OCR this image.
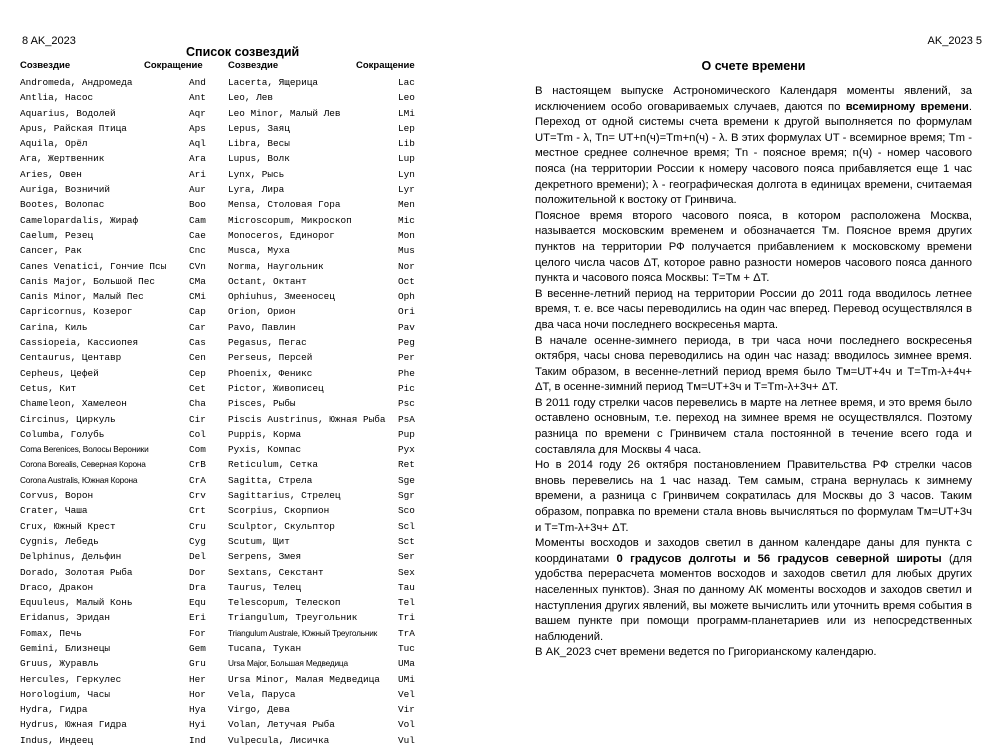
8 AK_2023
Список созвездий
Созвездие	Сокращение	Созвездие	Сокращение
Andromeda, Андромеда	And Lacerta, Ящерица	Lac
Antlia, Насос	Ant Leo, Лев	Leo
Aquarius, Водолей	Aqr Leo Minor, Малый Лев	LMi
Apus, Райская Птица	Aps Lepus, Заяц	Lep
Aquila, Орёл	Aql Libra, Весы	Lib
Ara, Жертвенник	Ara Lupus, Волк	Lup
Aries, Овен	Ari Lynx, Рысь	Lyn
Auriga, Возничий	Aur Lyra, Лира	Lyr
Bootes, Волопас	Boo Mensa, Столовая Гора	Men
Camelopardalis, Жираф	Cam Microscopum, Микроскоп	Mic
Caelum, Резец	Cae Monoceros, Единорог	Mon
Cancer, Рак	Cnc Musca, Муха	Mus
Canes Venatici, Гончие Псы CVn Norma, Наугольник	Nor
Canis Major, Большой Пес	CMa Octant, Октант	Oct
Canis Minor, Малый Пес	CMi Ophiuhus, Змееносец	Oph
Capricornus, Козерог	Cap Orion, Орион	Ori
Carina, Киль	Car Pavo, Павлин	Pav
Cassiopeia, Кассиопея	Cas Pegasus, Пегас	Peg
Centaurus, Центавр	Cen Perseus, Персей	Per
Cepheus, Цефей	Cep Phoenix, Феникс	Phe
Cetus, Кит	Cet Pictor, Живописец	Pic
Chameleon, Хамелеон	Cha Pisces, Рыбы	Psc
Circinus, Циркуль	Cir Piscis Austrinus, Южная Рыба PsA
Columba, Голубь	Col Puppis, Корма	Pup
Coma Berenices, Волосы Вероники	Com Pyxis, Компас	Pyx
Corona Borealis, Северная Корона	CrB Reticulum, Сетка	Ret
Corona Australis, Южная Корона	CrA Sagitta, Стрела	Sge
Corvus, Ворон	Crv Sagittarius, Стрелец	Sgr
Crater, Чаша	Crt Scorpius, Скорпион	Sco
Crux, Южный Крест	Cru Sculptor, Скульптор	Scl
Cygnis, Лебедь	Cyg Scutum, Щит	Sct
Delphinus, Дельфин	Del Serpens, Змея	Ser
Dorado, Золотая Рыба	Dor Sextans, Секстант	Sex
Draco, Дракон	Dra Taurus, Телец	Tau
Equuleus, Малый Конь	Equ Telescopum, Телескоп	Tel
Eridanus, Эридан	Eri Triangulum, Треугольник	Tri
Fomax, Печь	For	Triangulum Australe, Южный Треугольник TrA
Gemini, Близнецы	Gem Tucana, Тукан	Tuc
Gruus, Журавль	Gru	Ursa Major, Большая Медведица	UMa
Hercules, Геркулес	Her Ursa Minor, Малая Медведица UMi
Horologium, Часы	Hor Vela, Паруса	Vel
Hydra, Гидра	Hya Virgo, Дева	Vir
Hydrus, Южная Гидра	Hyi Volan, Летучая Рыба	Vol
Indus, Индеец	Ind Vulpecula, Лисичка	Vul
AK_2023 5
О счете времени

В настоящем выпуске Астрономического Календаря моменты явлений, за исключением особо оговариваемых случаев, даются по всемирному времени. Переход от одной системы счета времени к другой выполняется по формулам UT=Tm - λ, Tn= UT+n(ч)=Tm+n(ч) - λ. В этих формулах UT - всемирное время; Tm - местное среднее солнечное время; Tn - поясное время; n(ч) - номер часового пояса (на территории России к номеру часового пояса прибавляется еще 1 час декретного времени); λ - географическая долгота в единицах времени, считаемая положительной к востоку от Гринвича.

Поясное время второго часового пояса, в котором расположена Москва, называется московским временем и обозначается Tм. Поясное время других пунктов на территории РФ получается прибавлением к московскому времени целого числа часов ΔT, которое равно разности номеров часового пояса данного пункта и часового пояса Москвы: T=Tм + ΔT.

В весенне-летний период на территории России до 2011 года вводилось летнее время, т. е. все часы переводились на один час вперед. Перевод осуществлялся в два часа ночи последнего воскресенья марта.

В начале осенне-зимнего периода, в три часа ночи последнего воскресенья октября, часы снова переводились на один час назад: вводилось зимнее время. Таким образом, в весенне-летний период время было Tм=UT+4ч и T=Tm-λ+4ч+ ΔT, в осенне-зимний период Tм=UT+3ч и T=Tm-λ+3ч+ ΔT.

В 2011 году стрелки часов перевелись в марте на летнее время, и это время было оставлено основным, т.е. переход на зимнее время не осуществлялся. Поэтому разница по времени с Гринвичем стала постоянной в течение всего года и составляла для Москвы 4 часа.

Но в 2014 году 26 октября постановлением Правительства РФ стрелки часов вновь перевелись на 1 час назад. Тем самым, страна вернулась к зимнему времени, а разница с Гринвичем сократилась для Москвы до 3 часов. Таким образом, поправка по времени стала вновь вычисляться по формулам Tм=UT+3ч и T=Tm-λ+3ч+ ΔT.

Моменты восходов и заходов светил в данном календаре даны для пункта с координатами 0 градусов долготы и 56 градусов северной широты (для удобства перерасчета моментов восходов и заходов светил для любых других населенных пунктов). Зная по данному АК моменты восходов и заходов светил и наступления других явлений, вы можете вычислить или уточнить время события в вашем пункте при помощи программ-планетариев или из непосредственных наблюдений.

В АК_2023 счет времени ведется по Григорианскому календарю.
